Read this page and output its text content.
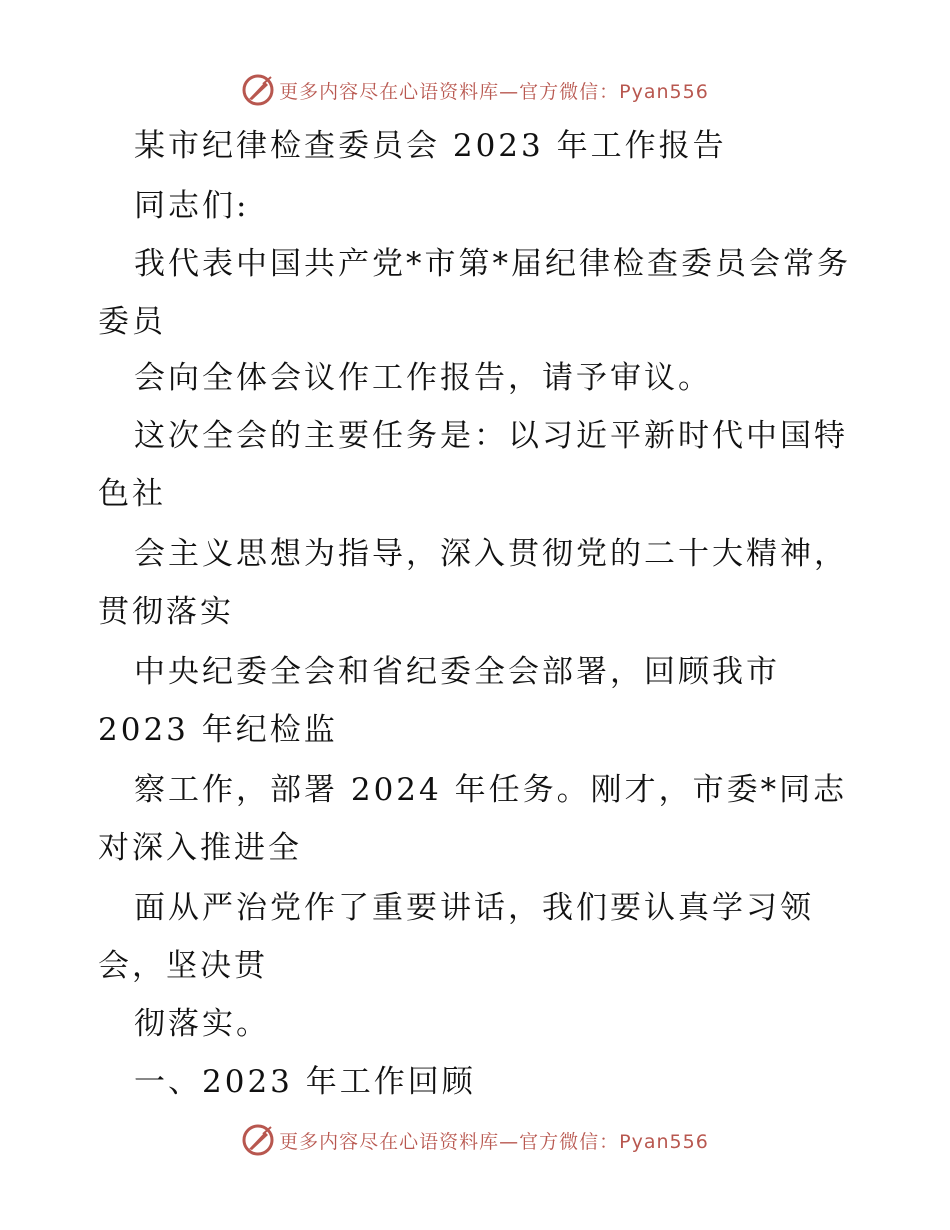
更多内容尽在心语资料库—官方微信：Pyan556
某市纪律检查委员会 2023 年工作报告
同志们:
我代表中国共产党*市第*届纪律检查委员会常务
委员
会向全体会议作工作报告，请予审议。
这次全会的主要任务是：以习近平新时代中国特
色社
会主义思想为指导，深入贯彻党的二十大精神，
贯彻落实
中央纪委全会和省纪委全会部署，回顾我市
2023 年纪检监
察工作，部署 2024 年任务。刚才，市委*同志
对深入推进全
面从严治党作了重要讲话，我们要认真学习领
会，坚决贯
彻落实。
一、2023 年工作回顾
更多内容尽在心语资料库—官方微信：Pyan556
